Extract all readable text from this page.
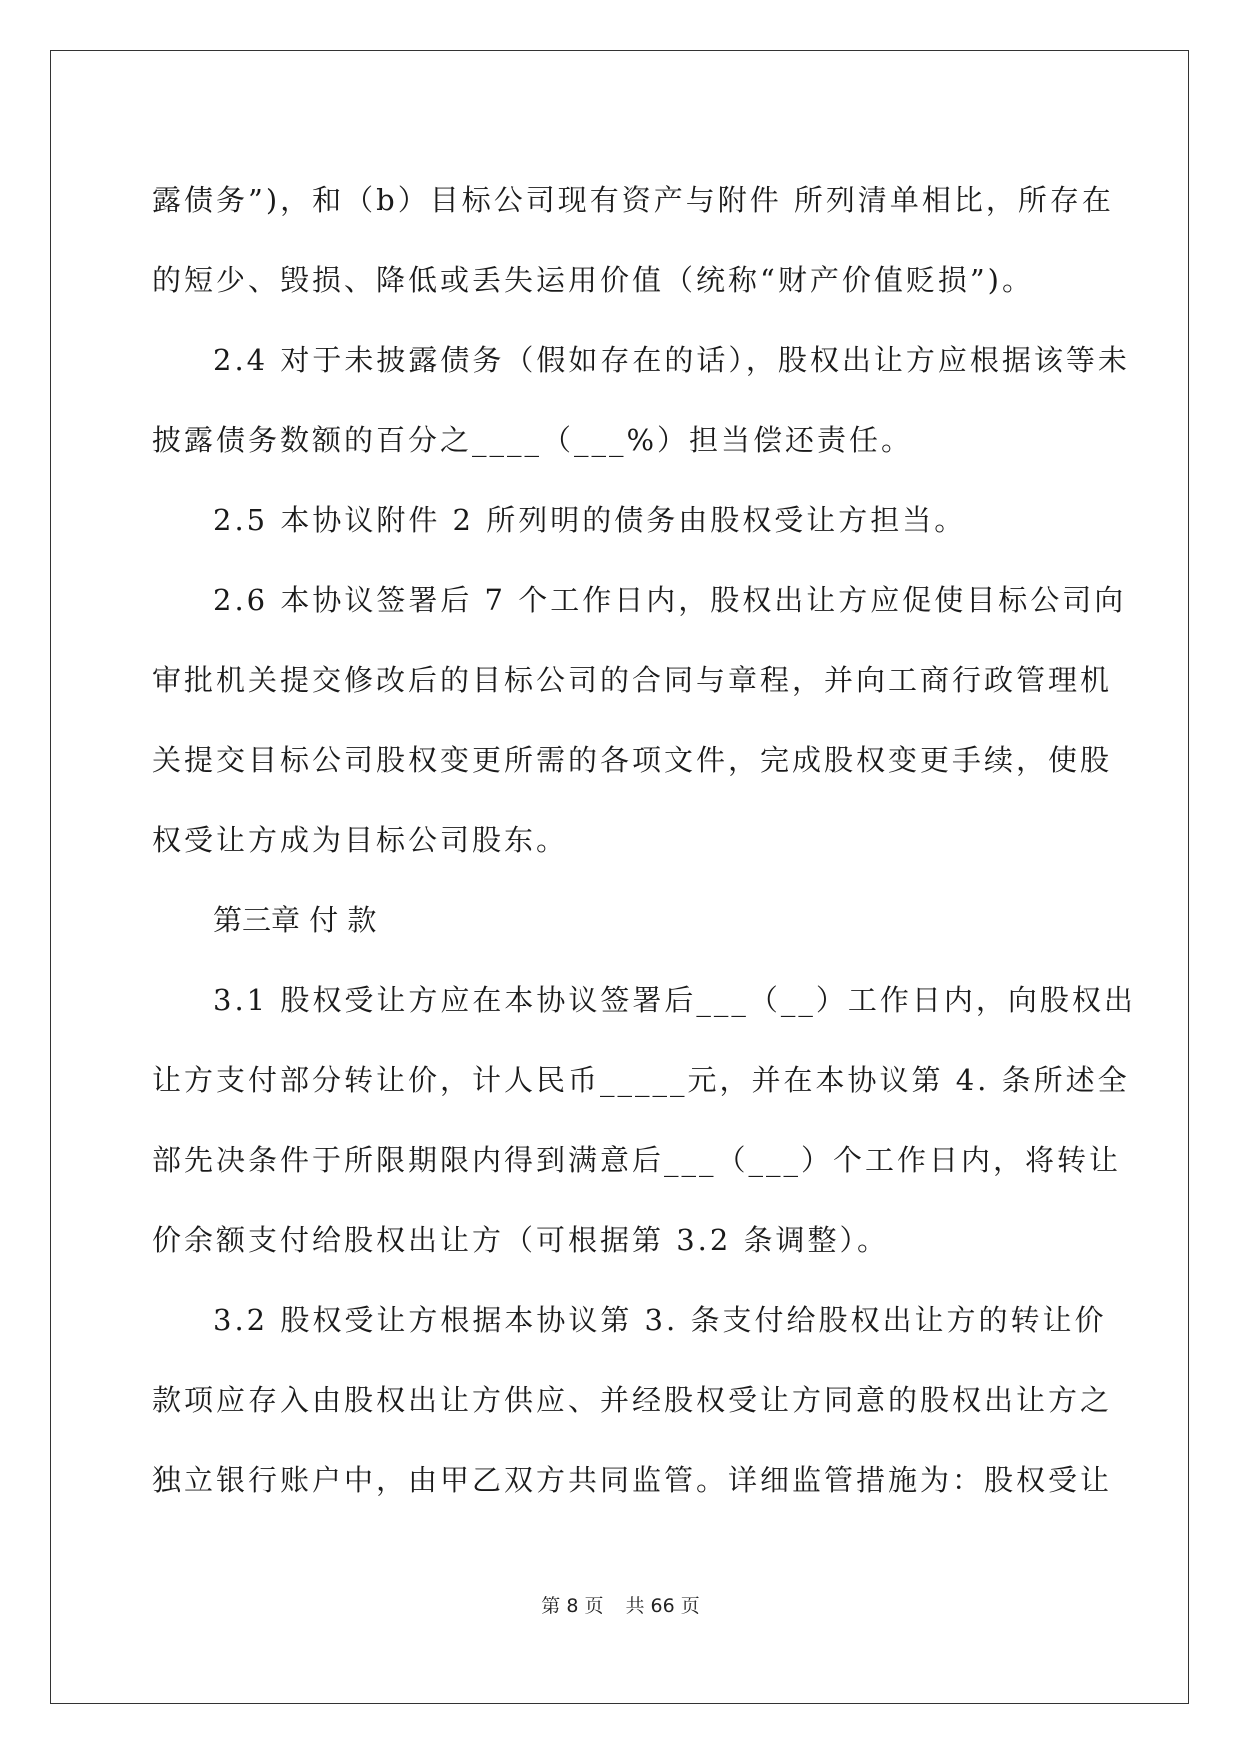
露债务”)，和（b）目标公司现有资产与附件 所列清单相比，所存在
的短少、毁损、降低或丢失运用价值（统称“财产价值贬损”)。

2.4 对于未披露债务（假如存在的话），股权出让方应根据该等未
披露债务数额的百分之____（___%）担当偿还责任。

2.5 本协议附件 2 所列明的债务由股权受让方担当。

2.6 本协议签署后 7 个工作日内，股权出让方应促使目标公司向
审批机关提交修改后的目标公司的合同与章程，并向工商行政管理机
关提交目标公司股权变更所需的各项文件，完成股权变更手续，使股
权受让方成为目标公司股东。

第三章 付 款

3.1 股权受让方应在本协议签署后___（__）工作日内，向股权出
让方支付部分转让价，计人民币_____元，并在本协议第 4. 条所述全
部先决条件于所限期限内得到满意后___（___）个工作日内，将转让
价余额支付给股权出让方（可根据第 3.2 条调整）。

3.2 股权受让方根据本协议第 3. 条支付给股权出让方的转让价
款项应存入由股权出让方供应、并经股权受让方同意的股权出让方之
独立银行账户中，由甲乙双方共同监管。详细监管措施为：股权受让

第 8 页 共 66 页
